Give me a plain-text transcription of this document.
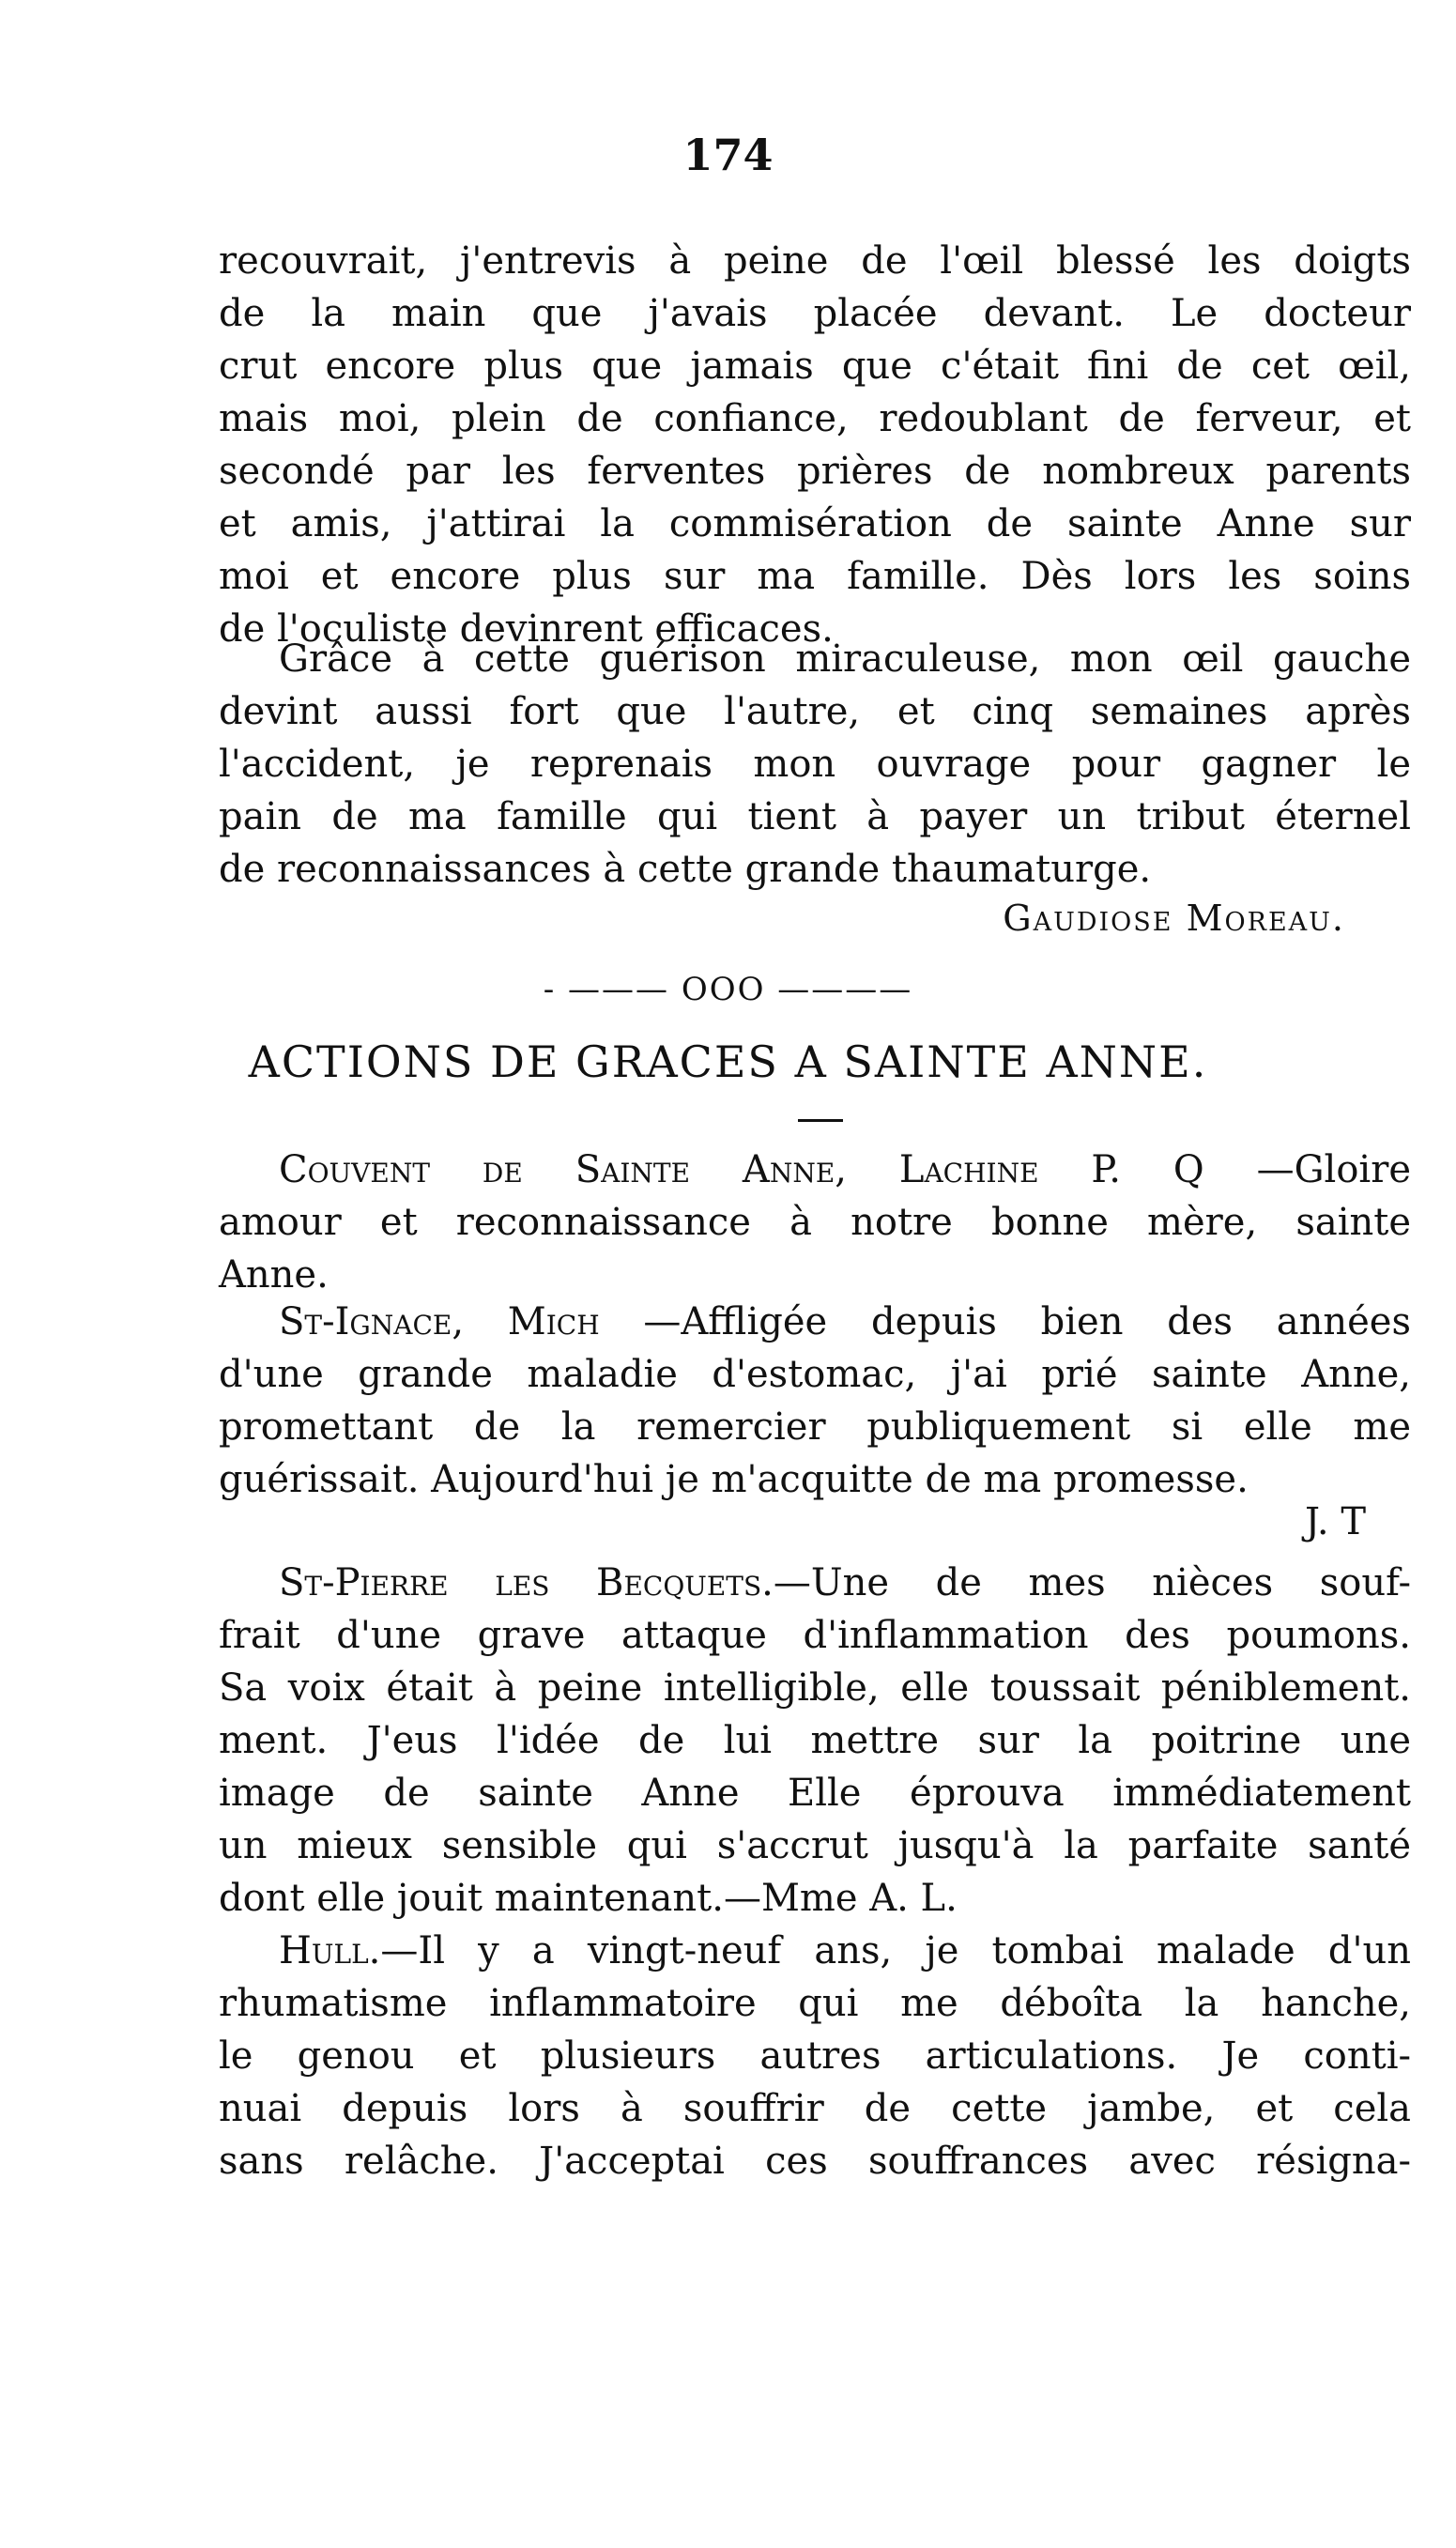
174
recouvrait, j'entrevis à peine de l'œil blessé les doigts
de la main que j'avais placée devant. Le docteur
crut encore plus que jamais que c'était fini de cet œil,
mais moi, plein de confiance, redoublant de ferveur, et
secondé par les ferventes prières de nombreux parents
et amis, j'attirai la commisération de sainte Anne sur
moi et encore plus sur ma famille. Dès lors les soins
de l'oculiste devinrent efficaces.
Grâce à cette guérison miraculeuse, mon œil gauche
devint aussi fort que l'autre, et cinq semaines après
l'accident, je reprenais mon ouvrage pour gagner le
pain de ma famille qui tient à payer un tribut éternel
de reconnaissances à cette grande thaumaturge.
Gaudiose Moreau.
- ——— OOO ————
ACTIONS DE GRACES A SAINTE ANNE.
Couvent de Sainte Anne, Lachine P. Q —Gloire
amour et reconnaissance à notre bonne mère, sainte
Anne.
St-Ignace, Mich —Affligée depuis bien des années
d'une grande maladie d'estomac, j'ai prié sainte Anne,
promettant de la remercier publiquement si elle me
guérissait. Aujourd'hui je m'acquitte de ma promesse.
J. T
St-Pierre les Becquets.—Une de mes nièces souf-
frait d'une grave attaque d'inflammation des poumons.
Sa voix était à peine intelligible, elle toussait péniblement.
ment. J'eus l'idée de lui mettre sur la poitrine une
image de sainte Anne Elle éprouva immédiatement
un mieux sensible qui s'accrut jusqu'à la parfaite santé
dont elle jouit maintenant.—Mme A. L.
Hull.—Il y a vingt-neuf ans, je tombai malade d'un
rhumatisme inflammatoire qui me déboîta la hanche,
le genou et plusieurs autres articulations. Je conti-
nuai depuis lors à souffrir de cette jambe, et cela
sans relâche. J'acceptai ces souffrances avec résigna-
